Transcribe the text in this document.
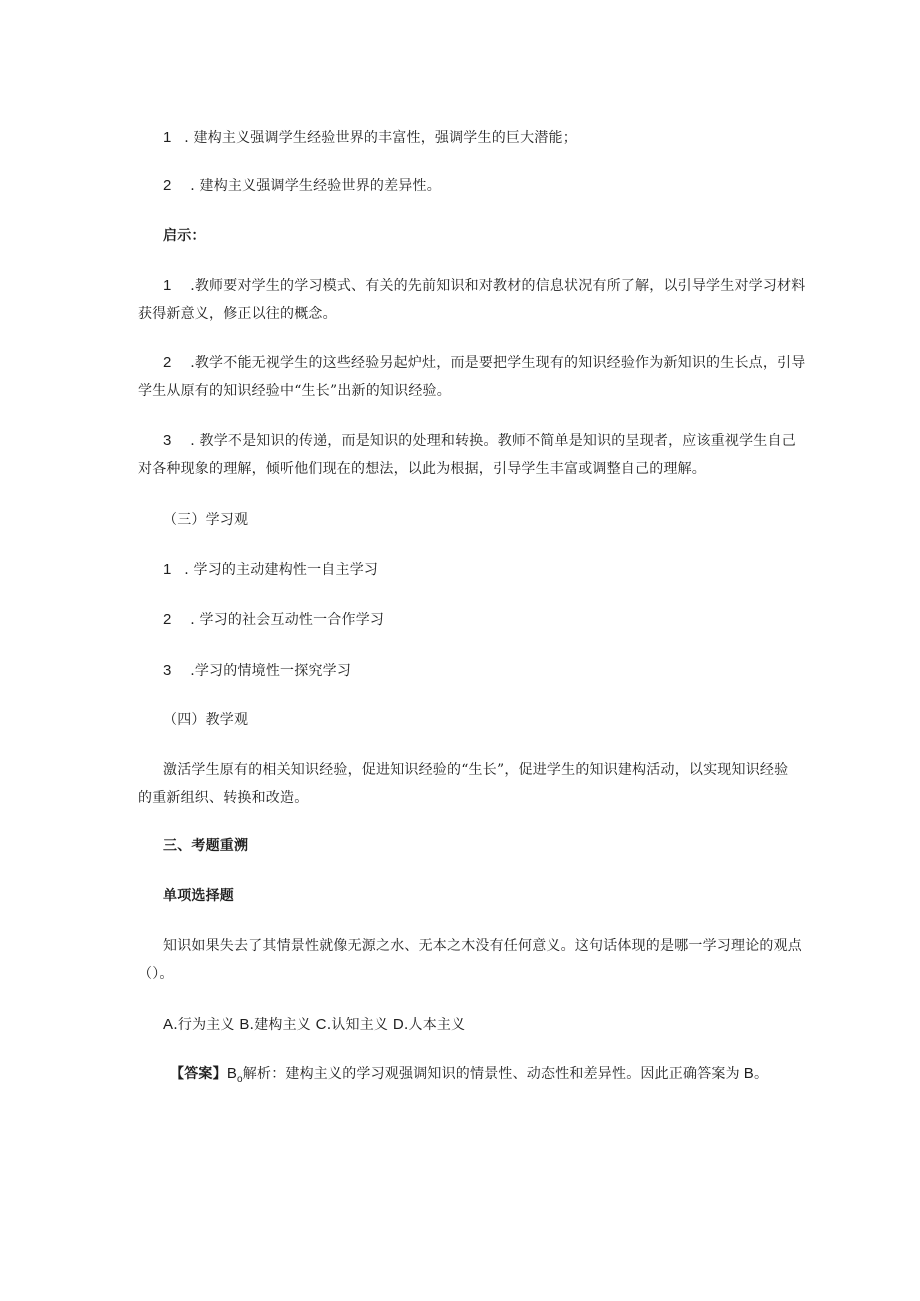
1 . 建构主义强调学生经验世界的丰富性，强调学生的巨大潜能；
2 . 建构主义强调学生经验世界的差异性。
启示：
1 .教师要对学生的学习模式、有关的先前知识和对教材的信息状况有所了解，以引导学生对学习材料
获得新意义，修正以往的概念。
2 .教学不能无视学生的这些经验另起炉灶，而是要把学生现有的知识经验作为新知识的生长点，引导
学生从原有的知识经验中“生长”出新的知识经验。
3 . 教学不是知识的传递，而是知识的处理和转换。教师不简单是知识的呈现者，应该重视学生自己
对各种现象的理解，倾听他们现在的想法，以此为根据，引导学生丰富或调整自己的理解。
（三）学习观
1 . 学习的主动建构性一自主学习
2 . 学习的社会互动性一合作学习
3 .学习的情境性一探究学习
（四）教学观
激活学生原有的相关知识经验，促进知识经验的“生长”，促进学生的知识建构活动，以实现知识经验
的重新组织、转换和改造。
三、考题重溯
单项选择题
知识如果失去了其情景性就像无源之水、无本之木没有任何意义。这句话体现的是哪一学习理论的观点
（）。
A.行为主义 B.建构主义 C.认知主义 D.人本主义
【答案】$B_o$解析：建构主义的学习观强调知识的情景性、动态性和差异性。因此正确答案为 B。
